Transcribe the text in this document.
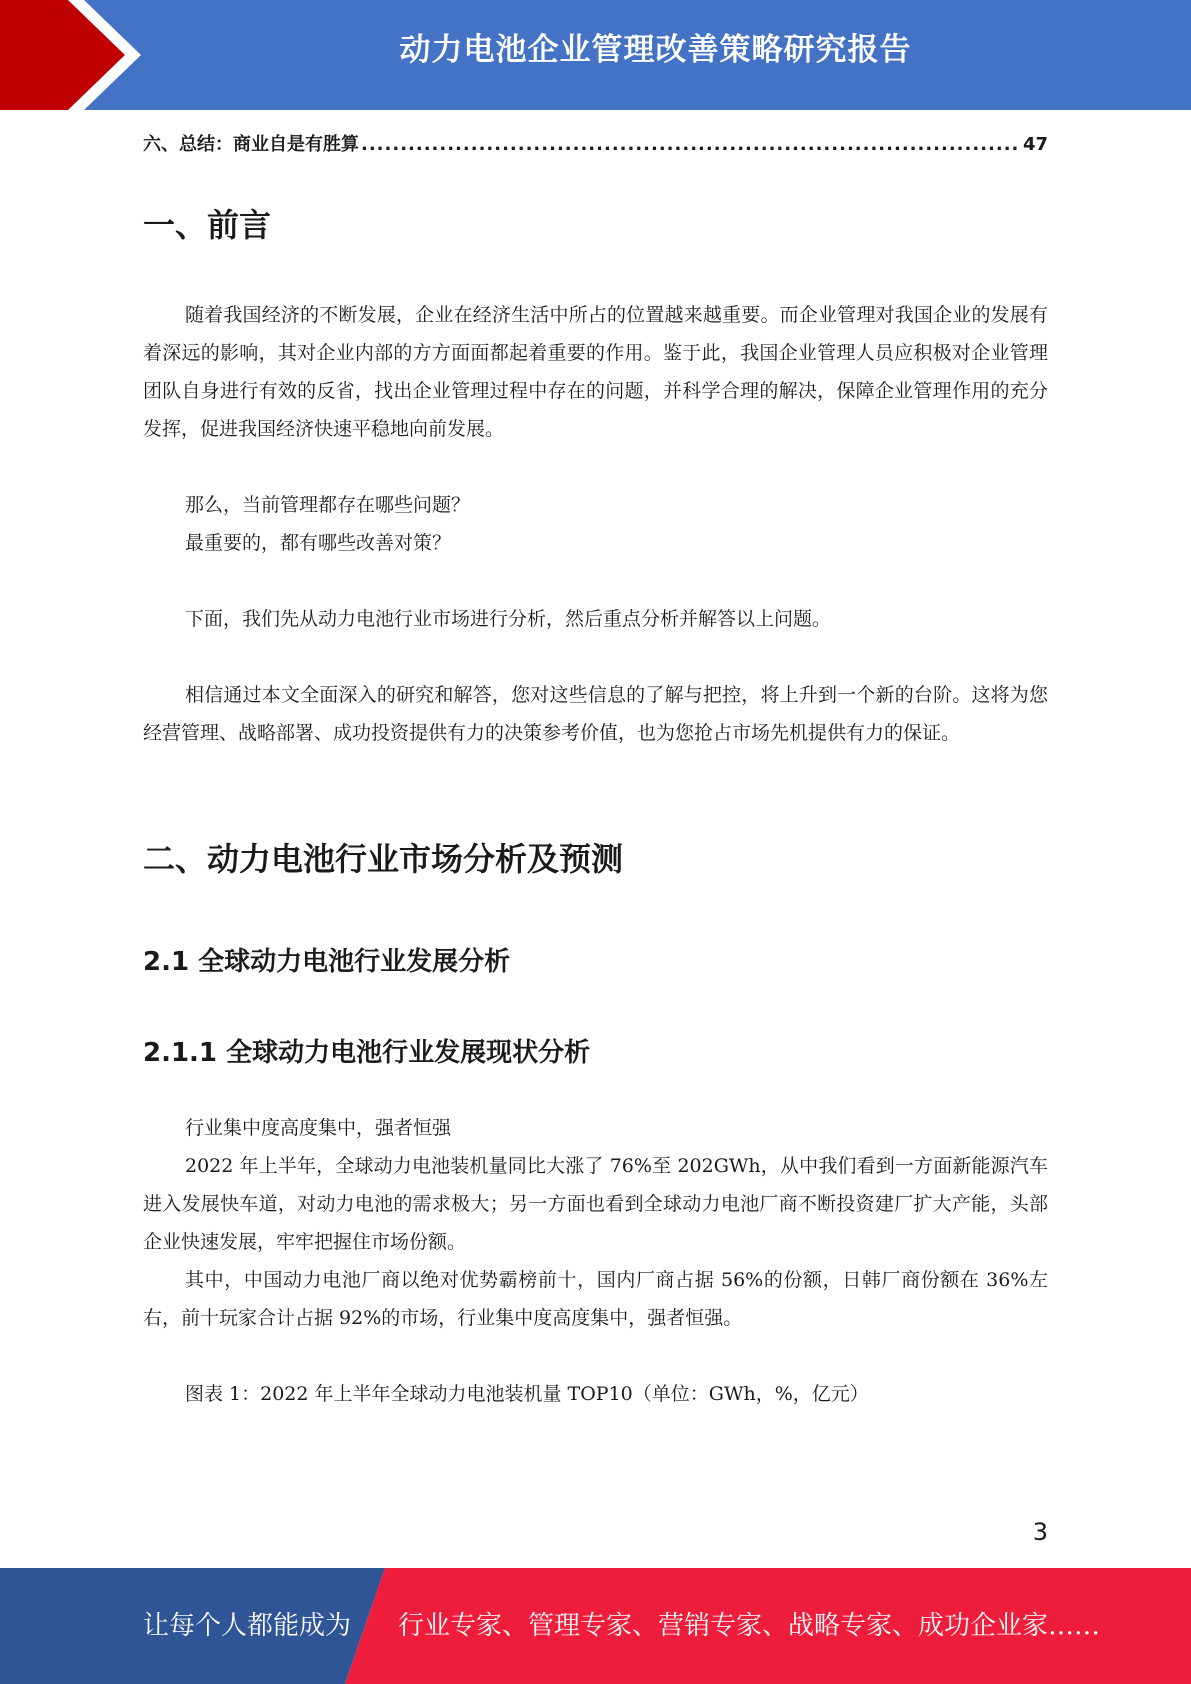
动力电池企业管理改善策略研究报告
六、总结：商业自是有胜算
.....	47
一、前言

随着我国经济的不断发展，企业在经济生活中所占的位置越来越重要。而企业管理对我国企业的发展有着深远的影响，其对企业内部的方方面面都起着重要的作用。鉴于此，我国企业管理人员应积极对企业管理团队自身进行有效的反省，找出企业管理过程中存在的问题，并科学合理的解决，保障企业管理作用的充分发挥，促进我国经济快速平稳地向前发展。

那么，当前管理都存在哪些问题？

最重要的，都有哪些改善对策？

下面，我们先从动力电池行业市场进行分析，然后重点分析并解答以上问题。

相信通过本文全面深入的研究和解答，您对这些信息的了解与把控，将上升到一个新的台阶。这将为您经营管理、战略部署、成功投资提供有力的决策参考价值，也为您抢占市场先机提供有力的保证。

二、动力电池行业市场分析及预测
2.1 全球动力电池行业发展分析
2.1.1 全球动力电池行业发展现状分析

行业集中度高度集中，强者恒强

2022 年上半年，全球动力电池装机量同比大涨了 76%至 202GWh，从中我们看到一方面新能源汽车进入发展快车道，对动力电池的需求极大；另一方面也看到全球动力电池厂商不断投资建厂扩大产能，头部企业快速发展，牢牢把握住市场份额。

其中，中国动力电池厂商以绝对优势霸榜前十，国内厂商占据 56%的份额，日韩厂商份额在 36%左右，前十玩家合计占据 92%的市场，行业集中度高度集中，强者恒强。

图表 1：2022 年上半年全球动力电池装机量 TOP10（单位：GWh，%，亿元）

3
让每个人都能成为 行业专家、管理专家、营销专家、战略专家、成功企业家……
